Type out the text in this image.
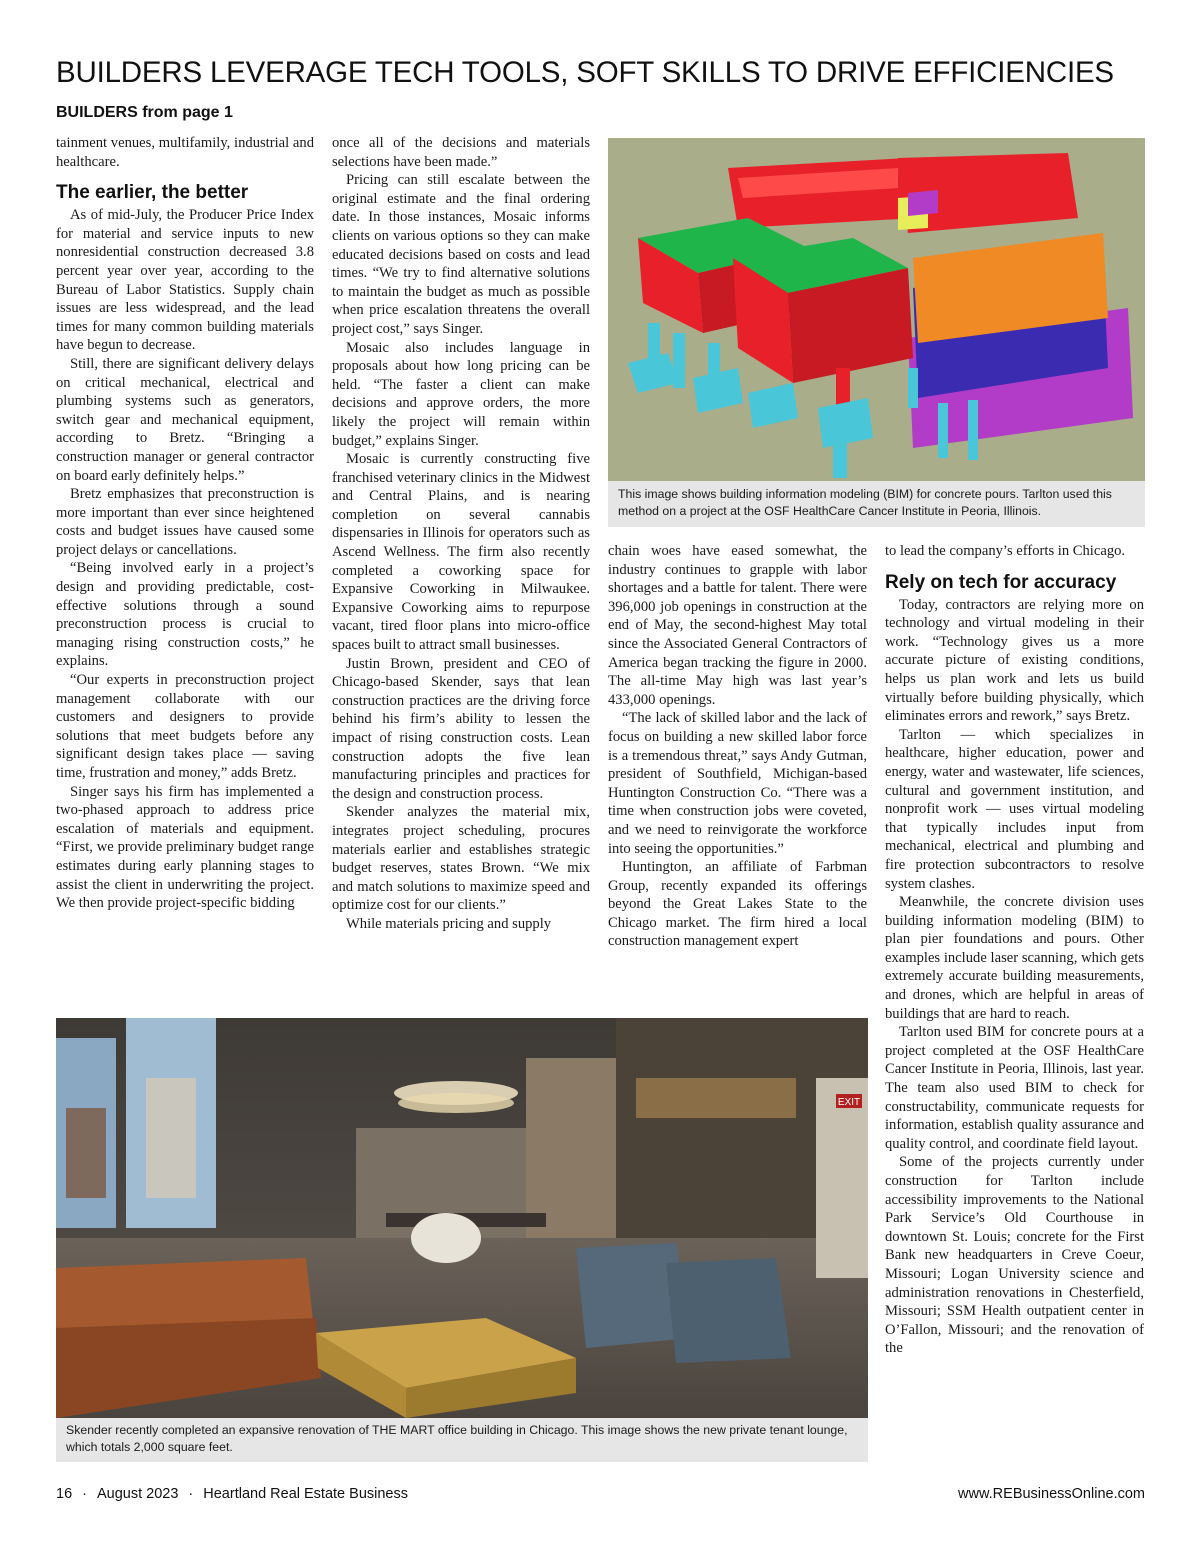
BUILDERS LEVERAGE TECH TOOLS, SOFT SKILLS TO DRIVE EFFICIENCIES
BUILDERS from page 1

tainment venues, multifamily, industrial and healthcare.

The earlier, the better

As of mid-July, the Producer Price Index for material and service inputs to new nonresidential construction decreased 3.8 percent year over year, according to the Bureau of Labor Statistics. Supply chain issues are less widespread, and the lead times for many common building materials have begun to decrease.

Still, there are significant delivery delays on critical mechanical, electrical and plumbing systems such as generators, switch gear and mechanical equipment, according to Bretz. “Bringing a construction manager or general contractor on board early definitely helps.”

Bretz emphasizes that preconstruction is more important than ever since heightened costs and budget issues have caused some project delays or cancellations.

“Being involved early in a project’s design and providing predictable, cost-effective solutions through a sound preconstruction process is crucial to managing rising construction costs,” he explains.

“Our experts in preconstruction project management collaborate with our customers and designers to provide solutions that meet budgets before any significant design takes place — saving time, frustration and money,” adds Bretz.

Singer says his firm has implemented a two-phased approach to address price escalation of materials and equipment. “First, we provide preliminary budget range estimates during early planning stages to assist the client in underwriting the project. We then provide project-specific bidding

once all of the decisions and materials selections have been made.”

Pricing can still escalate between the original estimate and the final ordering date. In those instances, Mosaic informs clients on various options so they can make educated decisions based on costs and lead times. “We try to find alternative solutions to maintain the budget as much as possible when price escalation threatens the overall project cost,” says Singer.

Mosaic also includes language in proposals about how long pricing can be held. “The faster a client can make decisions and approve orders, the more likely the project will remain within budget,” explains Singer.

Mosaic is currently constructing five franchised veterinary clinics in the Midwest and Central Plains, and is nearing completion on several cannabis dispensaries in Illinois for operators such as Ascend Wellness. The firm also recently completed a coworking space for Expansive Coworking in Milwaukee. Expansive Coworking aims to repurpose vacant, tired floor plans into micro-office spaces built to attract small businesses.

Justin Brown, president and CEO of Chicago-based Skender, says that lean construction practices are the driving force behind his firm’s ability to lessen the impact of rising construction costs. Lean construction adopts the five lean manufacturing principles and practices for the design and construction process.

Skender analyzes the material mix, integrates project scheduling, procures materials earlier and establishes strategic budget reserves, states Brown. “We mix and match solutions to maximize speed and optimize cost for our clients.”

While materials pricing and supply

This image shows building information modeling (BIM) for concrete pours. Tarlton used this method on a project at the OSF HealthCare Cancer Institute in Peoria, Illinois.

chain woes have eased somewhat, the industry continues to grapple with labor shortages and a battle for talent. There were 396,000 job openings in construction at the end of May, the second-highest May total since the Associated General Contractors of America began tracking the figure in 2000. The all-time May high was last year’s 433,000 openings.

“The lack of skilled labor and the lack of focus on building a new skilled labor force is a tremendous threat,” says Andy Gutman, president of Southfield, Michigan-based Huntington Construction Co. “There was a time when construction jobs were coveted, and we need to reinvigorate the workforce into seeing the opportunities.”

Huntington, an affiliate of Farbman Group, recently expanded its offerings beyond the Great Lakes State to the Chicago market. The firm hired a local construction management expert

to lead the company’s efforts in Chicago.

Rely on tech for accuracy

Today, contractors are relying more on technology and virtual modeling in their work. “Technology gives us a more accurate picture of existing conditions, helps us plan work and lets us build virtually before building physically, which eliminates errors and rework,” says Bretz.

Tarlton — which specializes in healthcare, higher education, power and energy, water and wastewater, life sciences, cultural and government institution, and nonprofit work — uses virtual modeling that typically includes input from mechanical, electrical and plumbing and fire protection subcontractors to resolve system clashes.

Meanwhile, the concrete division uses building information modeling (BIM) to plan pier foundations and pours. Other examples include laser scanning, which gets extremely accurate building measurements, and drones, which are helpful in areas of buildings that are hard to reach.

Tarlton used BIM for concrete pours at a project completed at the OSF HealthCare Cancer Institute in Peoria, Illinois, last year. The team also used BIM to check for constructability, communicate requests for information, establish quality assurance and quality control, and coordinate field layout.

Some of the projects currently under construction for Tarlton include accessibility improvements to the National Park Service’s Old Courthouse in downtown St. Louis; concrete for the First Bank new headquarters in Creve Coeur, Missouri; Logan University science and administration renovations in Chesterfield, Missouri; SSM Health outpatient center in O’Fallon, Missouri; and the renovation of the

EXIT
Skender recently completed an expansive renovation of THE MART office building in Chicago. This image shows the new private tenant lounge, which totals 2,000 square feet.
16 · August 2023 · Heartland Real Estate Business	www.REBusinessOnline.com
